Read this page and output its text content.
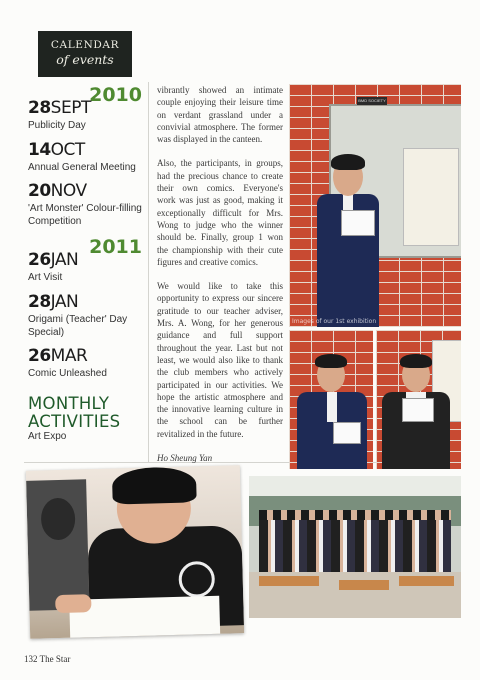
CALENDAR
of events
2010
28SEPT
Publicity Day
14OCT
Annual General Meeting
20NOV
'Art Monster' Colour-filling Competition
2011
26JAN
Art Visit
28JAN
Origami (Teacher' Day Special)
26MAR
Comic Unleashed
MONTHLY
ACTIVITIES
Art Expo

vibrantly showed an intimate couple enjoying their leisure time on verdant grassland under a convivial atmosphere. The former was displayed in the canteen.

Also, the participants, in groups, had the precious chance to create their own comics. Everyone's work was just as good, making it exceptionally difficult for Mrs. Wong to judge who the winner should be. Finally, group 1 won the championship with their cute figures and creative comics.

We would like to take this opportunity to express our sincere gratitude to our teacher adviser, Mrs. A. Wong, for her generous guidance and full support throughout the year. Last but not least, we would also like to thank the club members who actively participated in our activities. We hope the artistic atmosphere and the innovative learning culture in the school can be further revitalized in the future.

Ho Sheung Yan
BMD SOCIETY
Images of our 1st exhibition
132 The Star
